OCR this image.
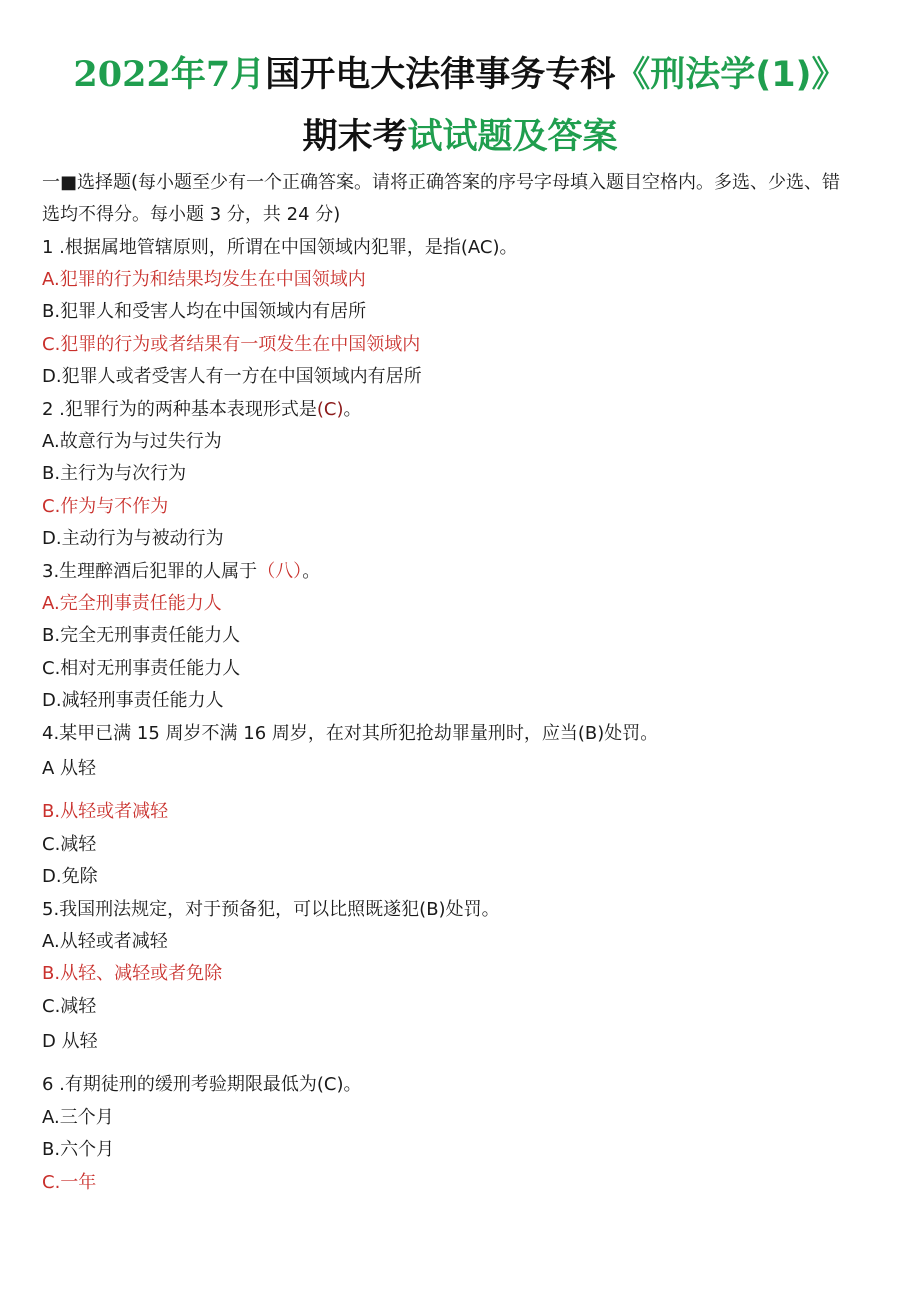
2022年7月国开电大法律事务专科《刑法学(1)》
期末考试试题及答案
一■选择题(每小题至少有一个正确答案。请将正确答案的序号字母填入题目空格内。多选、少选、错
选均不得分。每小题 3 分，共 24 分)
1 .根据属地管辖原则，所谓在中国领域内犯罪，是指(AC)。
A.犯罪的行为和结果均发生在中国领域内
B.犯罪人和受害人均在中国领域内有居所
C.犯罪的行为或者结果有一项发生在中国领域内
D.犯罪人或者受害人有一方在中国领域内有居所
2 .犯罪行为的两种基本表现形式是(C)。
A.故意行为与过失行为
B.主行为与次行为
C.作为与不作为
D.主动行为与被动行为
3.生理醉酒后犯罪的人属于（八）。
A.完全刑事责任能力人
B.完全无刑事责任能力人
C.相对无刑事责任能力人
D.减轻刑事责任能力人
4.某甲已满 15 周岁不满 16 周岁，在对其所犯抢劫罪量刑时，应当(B)处罚。
A 从轻
B.从轻或者减轻
C.减轻
D.免除
5.我国刑法规定，对于预备犯，可以比照既遂犯(B)处罚。
A.从轻或者减轻
B.从轻、减轻或者免除
C.减轻
D 从轻
6 .有期徒刑的缓刑考验期限最低为(C)。
A.三个月
B.六个月
C.一年
